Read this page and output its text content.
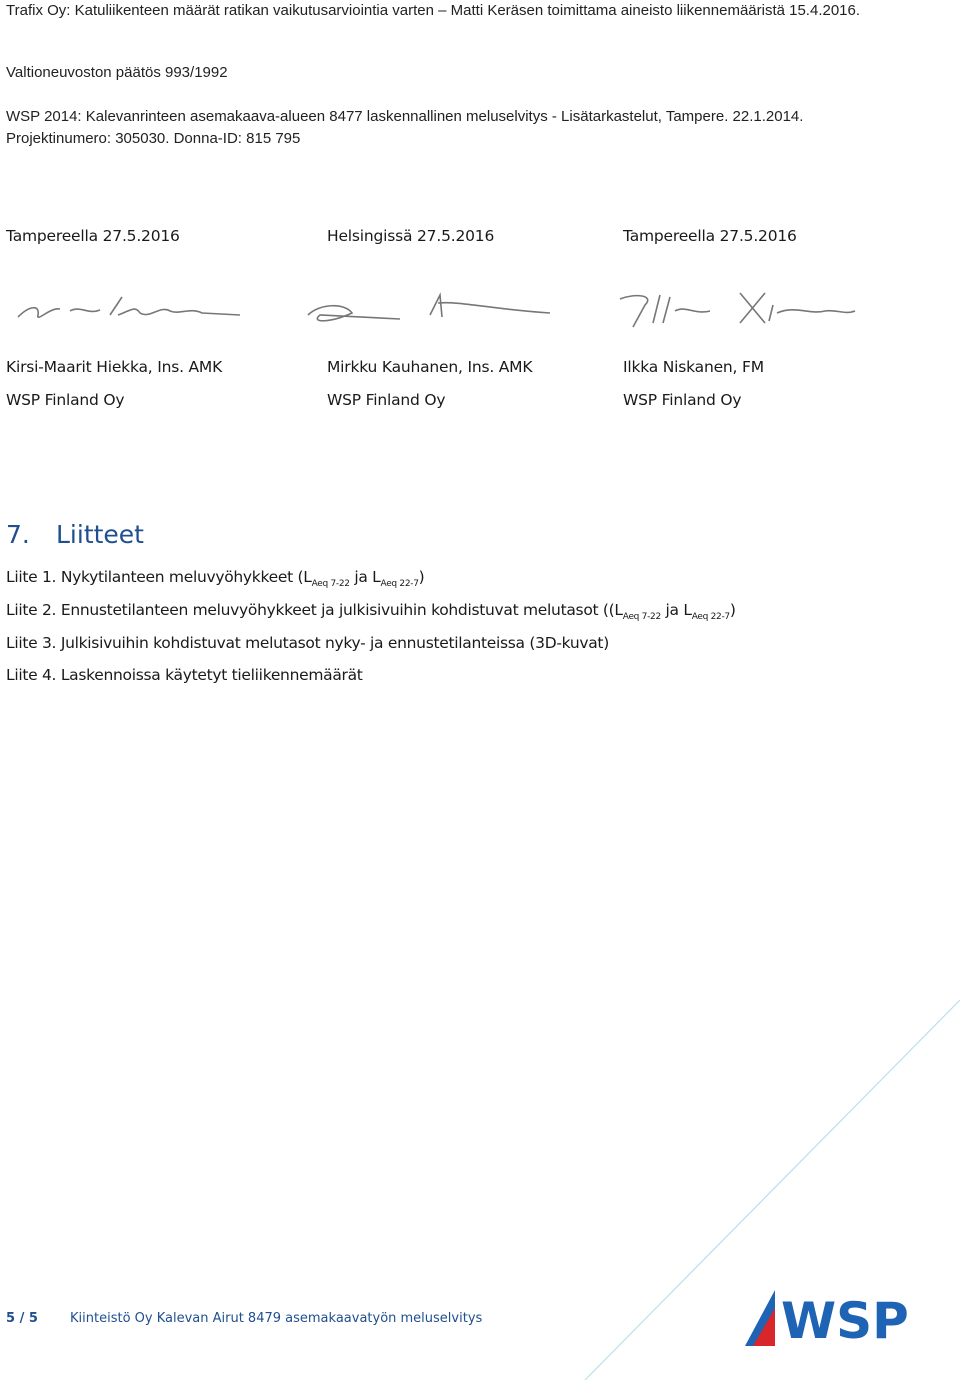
Trafix Oy: Katuliikenteen määrät ratikan vaikutusarviointia varten – Matti Keräsen toimittama aineisto liikennemääristä 15.4.2016.
Valtioneuvoston päätös 993/1992
WSP 2014: Kalevanrinteen asemakaava-alueen 8477 laskennallinen meluselvitys - Lisätarkastelut, Tampere. 22.1.2014. Projektinumero: 305030. Donna-ID: 815 795
Tampereella 27.5.2016	Helsingissä 27.5.2016	Tampereella 27.5.2016
Kirsi-Maarit Hiekka, Ins. AMK	Mirkku Kauhanen, Ins. AMK	Ilkka Niskanen, FM
WSP Finland Oy	WSP Finland Oy	WSP Finland Oy
7. Liitteet
Liite 1. Nykytilanteen meluvyöhykkeet ($L_{Aeq 7-22}$ ja $L_{Aeq 22-7}$)
Liite 2. Ennustetilanteen meluvyöhykkeet ja julkisivuihin kohdistuvat melutasot (($L_{Aeq 7-22}$ ja $L_{Aeq 22-7}$)
Liite 3. Julkisivuihin kohdistuvat melutasot nyky- ja ennustetilanteissa (3D-kuvat)
Liite 4. Laskennoissa käytetyt tieliikennemäärät
5 / 5 Kiinteistö Oy Kalevan Airut 8479 asemakaavatyön meluselvitys	WSP
